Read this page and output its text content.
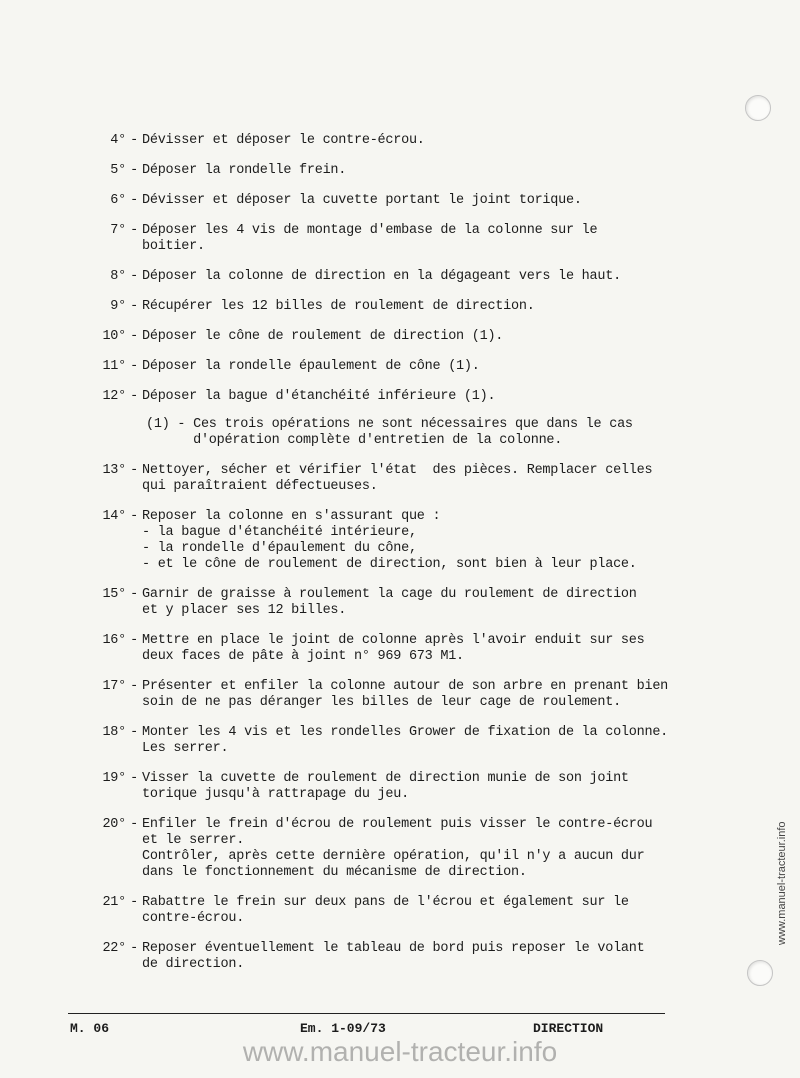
4° - Dévisser et déposer le contre-écrou.
5° - Déposer la rondelle frein.
6° - Dévisser et déposer la cuvette portant le joint torique.
7° - Déposer les 4 vis de montage d'embase de la colonne sur le
boitier.
8° - Déposer la colonne de direction en la dégageant vers le haut.
9° - Récupérer les 12 billes de roulement de direction.
10° - Déposer le cône de roulement de direction (1).
11° - Déposer la rondelle épaulement de cône (1).
12° - Déposer la bague d'étanchéité inférieure (1).
(1) - Ces trois opérations ne sont nécessaires que dans le cas
d'opération complète d'entretien de la colonne.
13° - Nettoyer, sécher et vérifier l'état  des pièces. Remplacer celles
qui paraîtraient défectueuses.
14° - Reposer la colonne en s'assurant que :
- la bague d'étanchéité intérieure,
- la rondelle d'épaulement du cône,
- et le cône de roulement de direction, sont bien à leur place.
15° - Garnir de graisse à roulement la cage du roulement de direction
et y placer ses 12 billes.
16° - Mettre en place le joint de colonne après l'avoir enduit sur ses
deux faces de pâte à joint n° 969 673 M1.
17° - Présenter et enfiler la colonne autour de son arbre en prenant bien
soin de ne pas déranger les billes de leur cage de roulement.
18° - Monter les 4 vis et les rondelles Grower de fixation de la colonne.
Les serrer.
19° - Visser la cuvette de roulement de direction munie de son joint
torique jusqu'à rattrapage du jeu.
20° - Enfiler le frein d'écrou de roulement puis visser le contre-écrou
et le serrer.
Contrôler, après cette dernière opération, qu'il n'y a aucun dur
dans le fonctionnement du mécanisme de direction.
21° - Rabattre le frein sur deux pans de l'écrou et également sur le
contre-écrou.
22° - Reposer éventuellement le tableau de bord puis reposer le volant
de direction.
M. 06	Em. 1-09/73	DIRECTION
www.manuel-tracteur.info
www.manuel-tracteur.info
